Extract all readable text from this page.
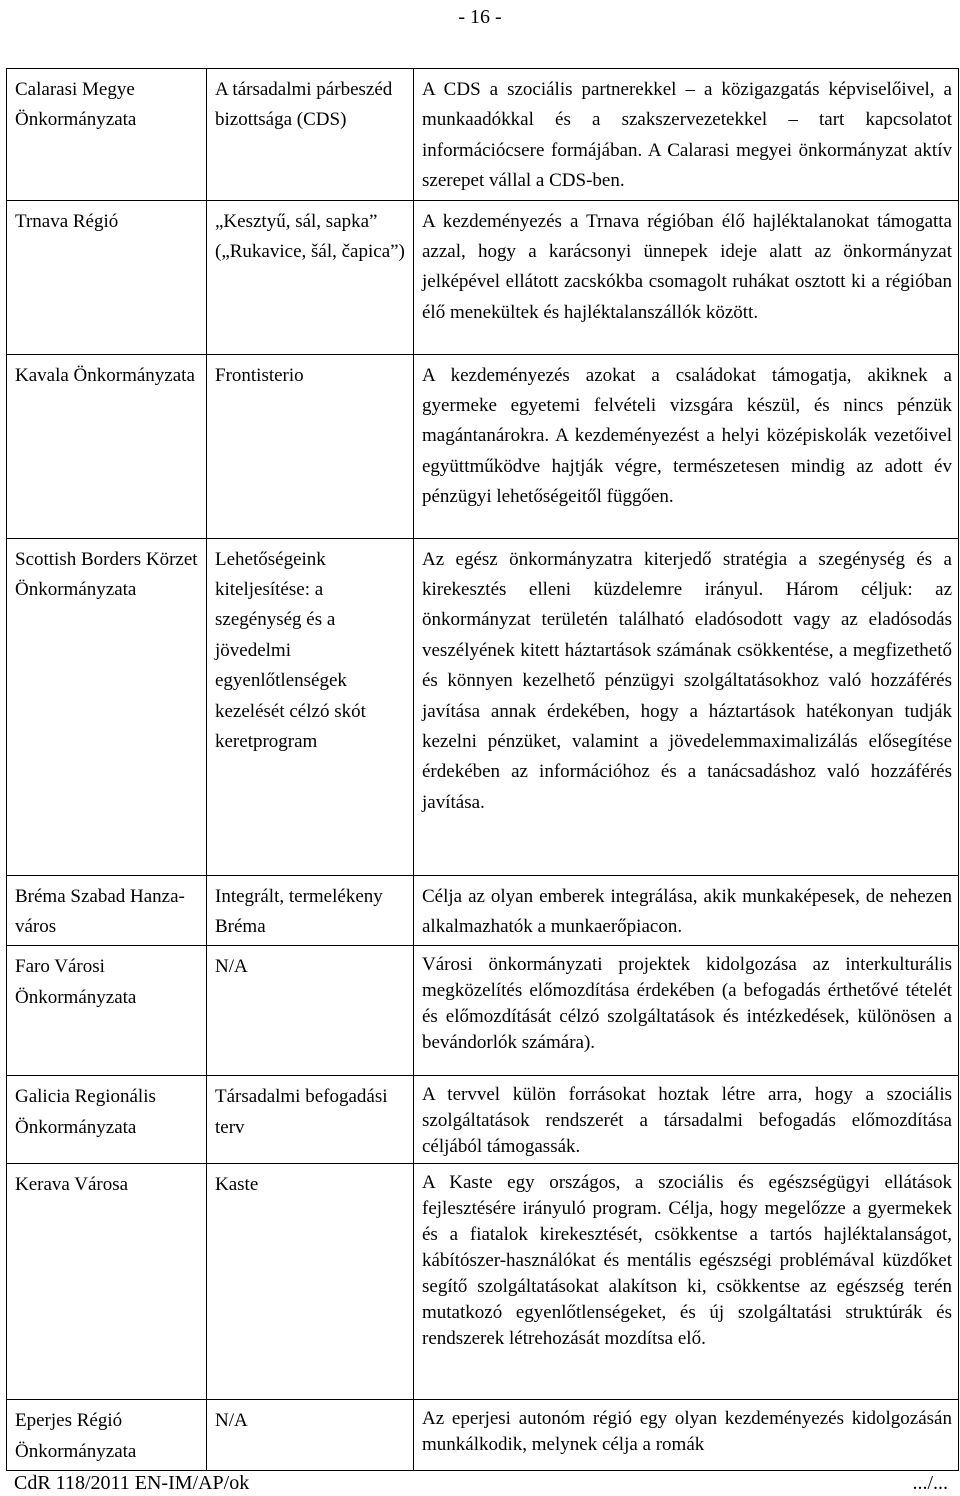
- 16 -
Calarasi Megye Önkormányzata	A társadalmi párbeszéd bizottsága (CDS)	A CDS a szociális partnerekkel – a közigazgatás képviselőivel, a munkaadókkal és a szakszervezetekkel – tart kapcsolatot információcsere formájában. A Calarasi megyei önkormányzat aktív szerepet vállal a CDS-ben.
Trnava Régió	„Kesztyű, sál, sapka” („Rukavice, šál, čapica”)	A kezdeményezés a Trnava régióban élő hajléktalanokat támogatta azzal, hogy a karácsonyi ünnepek ideje alatt az önkormányzat jelképével ellátott zacskókba csomagolt ruhákat osztott ki a régióban élő menekültek és hajléktalanszállók között.
Kavala Önkormányzata	Frontisterio	A kezdeményezés azokat a családokat támogatja, akiknek a gyermeke egyetemi felvételi vizsgára készül, és nincs pénzük magántanárokra. A kezdeményezést a helyi középiskolák vezetőivel együttműködve hajtják végre, természetesen mindig az adott év pénzügyi lehetőségeitől függően.
Scottish Borders Körzet Önkormányzata	Lehetőségeink kiteljesítése: a szegénység és a jövedelmi egyenlőtlenségek kezelését célzó skót keretprogram	Az egész önkormányzatra kiterjedő stratégia a szegénység és a kirekesztés elleni küzdelemre irányul. Három céljuk: az önkormányzat területén található eladósodott vagy az eladósodás veszélyének kitett háztartások számának csökkentése, a megfizethető és könnyen kezelhető pénzügyi szolgáltatásokhoz való hozzáférés javítása annak érdekében, hogy a háztartások hatékonyan tudják kezelni pénzüket, valamint a jövedelemmaximalizálás elősegítése érdekében az információhoz és a tanácsadáshoz való hozzáférés javítása.
Bréma Szabad Hanza-város	Integrált, termelékeny Bréma	Célja az olyan emberek integrálása, akik munkaképesek, de nehezen alkalmazhatók a munkaerőpiacon.
Faro Városi Önkormányzata	N/A	Városi önkormányzati projektek kidolgozása az interkulturális megközelítés előmozdítása érdekében (a befogadás érthetővé tételét és előmozdítását célzó szolgáltatások és intézkedések, különösen a bevándorlók számára).
Galicia Regionális Önkormányzata	Társadalmi befogadási terv	A tervvel külön forrásokat hoztak létre arra, hogy a szociális szolgáltatások rendszerét a társadalmi befogadás előmozdítása céljából támogassák.
Kerava Városa	Kaste	A Kaste egy országos, a szociális és egészségügyi ellátások fejlesztésére irányuló program. Célja, hogy megelőzze a gyermekek és a fiatalok kirekesztését, csökkentse a tartós hajléktalanságot, kábítószer-használókat és mentális egészségi problémával küzdőket segítő szolgáltatásokat alakítson ki, csökkentse az egészség terén mutatkozó egyenlőtlenségeket, és új szolgáltatási struktúrák és rendszerek létrehozását mozdítsa elő.
Eperjes Régió Önkormányzata	N/A	Az eperjesi autonóm régió egy olyan kezdeményezés kidolgozásán munkálkodik, melynek célja a romák
CdR 118/2011 EN-IM/AP/ok	.../...
